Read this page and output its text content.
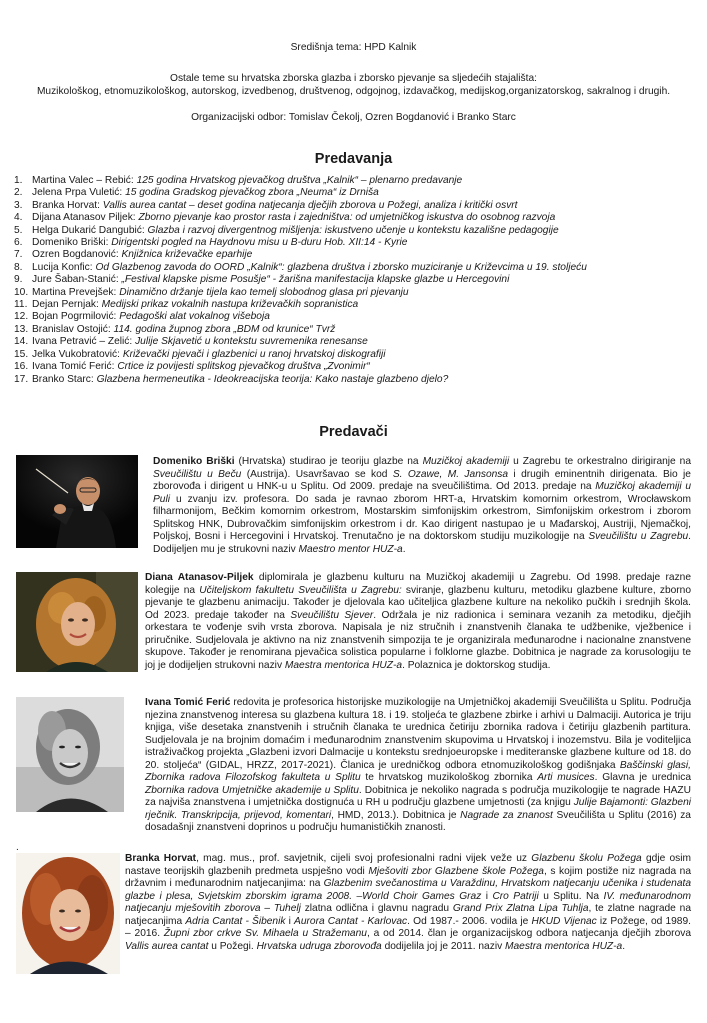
Središnja tema: HPD Kalnik
Ostale teme su hrvatska zborska glazba i zborsko pjevanje sa sljedećih stajališta:
Muzikološkog, etnomuzikološkog, autorskog, izvedbenog, društvenog, odgojnog, izdavačkog, medijskog,organizatorskog, sakralnog i drugih.
Organizacijski odbor: Tomislav Čekolj, Ozren Bogdanović i Branko Starc
Predavanja
1. Martina Valec – Rebić: 125 godina Hrvatskog pjevačkog društva „Kalnik“ – plenarno predavanje
2. Jelena Prpa Vuletić: 15 godina Gradskog pjevačkog zbora „Neuma“ iz Drniša
3. Branka Horvat: Vallis aurea cantat – deset godina natjecanja dječjih zborova u Požegi, analiza i kritički osvrt
4. Dijana Atanasov Piljek: Zborno pjevanje kao prostor rasta i zajedništva: od umjetničkog iskustva do osobnog razvoja
5. Helga Dukarić Dangubić: Glazba i razvoj divergentnog mišljenja: iskustveno učenje u kontekstu kazališne pedagogije
6. Domeniko Briški: Dirigentski pogled na Haydnovu misu u B-duru Hob. XII:14 - Kyrie
7. Ozren Bogdanović: Knjižnica križevačke eparhije
8. Lucija Konfic: Od Glazbenog zavoda do OORD „Kalnik“: glazbena društva i zborsko muziciranje u Križevcima u 19. stoljeću
9. Jure Šaban-Stanić: „Festival klapske pisme Posušje“ - žarišna manifestacija klapske glazbe u Hercegovini
10. Martina Prevejšek: Dinamično držanje tijela kao temelj slobodnog glasa pri pjevanju
11. Dejan Pernjak: Medijski prikaz vokalnih nastupa križevačkih sopranistica
12. Bojan Pogrmilović: Pedagoški alat vokalnog višeboja
13. Branislav Ostojić: 114. godina župnog zbora „BDM od krunice“ Tvrž
14. Ivana Petravić – Zelić: Julije Skjavetić u kontekstu suvremenika renesanse
15. Jelka Vukobratović: Križevački pjevači i glazbenici u ranoj hrvatskoj diskografiji
16. Ivana Tomić Ferić: Crtice iz povijesti splitskog pjevačkog društva „Zvonimir“
17. Branko Starc: Glazbena hermeneutika - Ideokreacijska teorija: Kako nastaje glazbeno djelo?
Predavači

Domeniko Briški (Hrvatska) studirao je teoriju glazbe na Muzičkoj akademiji u Zagrebu te orkestralno dirigiranje na Sveučilištu u Beču (Austrija). Usavršavao se kod S. Ozawe, M. Jansonsa i drugih eminentnih dirigenata. Bio je zborovođa i dirigent u HNK-u u Splitu. Od 2009. predaje na sveučilištima. Od 2013. predaje na Muzičkoj akademiji u Puli u zvanju izv. profesora. Do sada je ravnao zborom HRT-a, Hrvatskim komornim orkestrom, Wrocławskom filharmonijom, Bečkim komornim orkestrom, Mostarskim simfonijskim orkestrom, Simfonijskim orkestrom i zborom Splitskog HNK, Dubrovačkim simfonijskim orkestrom i dr. Kao dirigent nastupao je u Mađarskoj, Austriji, Njemačkoj, Poljskoj, Bosni i Hercegovini i Hrvatskoj. Trenutačno je na doktorskom studiju muzikologije na Sveučilištu u Zagrebu. Dodijeljen mu je strukovni naziv Maestro mentor HUZ-a.

Diana Atanasov-Piljek diplomirala je glazbenu kulturu na Muzičkoj akademiji u Zagrebu. Od 1998. predaje razne kolegije na Učiteljskom fakultetu Sveučilišta u Zagrebu: sviranje, glazbenu kulturu, metodiku glazbene kulture, zborno pjevanje te glazbenu animaciju. Također je djelovala kao učiteljica glazbene kulture na nekoliko pučkih i srednjih škola. Od 2023. predaje također na Sveučilištu Sjever. Održala je niz radionica i seminara vezanih za metodiku, dječjih orkestara te vođenje svih vrsta zborova. Napisala je niz stručnih i znanstvenih članaka te udžbenike, vježbenice i priručnike. Sudjelovala je aktivno na niz znanstvenih simpozija te je organizirala međunarodne i nacionalne znanstvene skupove. Također je renomirana pjevačica solistica popularne i folklorne glazbe. Dobitnica je nagrade za korusologiju te joj je dodijeljen strukovni naziv Maestra mentorica HUZ-a. Polaznica je doktorskog studija.

Ivana Tomić Ferić redovita je profesorica historijske muzikologije na Umjetničkoj akademiji Sveučilišta u Splitu. Područja njezina znanstvenog interesa su glazbena kultura 18. i 19. stoljeća te glazbene zbirke i arhivi u Dalmaciji. Autorica je triju knjiga, više desetaka znanstvenih i stručnih članaka te urednica četiriju zbornika radova i četiriju glazbenih partitura. Sudjelovala je na brojnim domaćim i međunarodnim znanstvenim skupovima u Hrvatskoj i inozemstvu. Bila je voditeljica istraživačkog projekta „Glazbeni izvori Dalmacije u kontekstu srednjoeuropske i mediteranske glazbene kulture od 18. do 20. stoljeća“ (GIDAL, HRZZ, 2017-2021). Članica je uredničkog odbora etnomuzikološkog godišnjaka Baščinski glasi, Zbornika radova Filozofskog fakulteta u Splitu te hrvatskog muzikološkog zbornika Arti musices. Glavna je urednica Zbornika radova Umjetničke akademije u Splitu. Dobitnica je nekoliko nagrada s područja muzikologije te nagrade HAZU za najviša znanstvena i umjetnička dostignuća u RH u području glazbene umjetnosti (za knjigu Julije Bajamonti: Glazbeni rječnik. Transkripcija, prijevod, komentari, HMD, 2013.). Dobitnica je Nagrade za znanost Sveučilišta u Splitu (2016) za dosadašnji znanstveni doprinos u području humanističkih znanosti.

Branka Horvat, mag. mus., prof. savjetnik, cijeli svoj profesionalni radni vijek veže uz Glazbenu školu Požega gdje osim nastave teorijskih glazbenih predmeta uspješno vodi Mješoviti zbor Glazbene škole Požega, s kojim postiže niz nagrada na državnim i međunarodnim natjecanjima: na Glazbenim svečanostima u Varaždinu, Hrvatskom natjecanju učenika i studenata glazbe i plesa, Svjetskim zborskim igrama 2008. –World Choir Games Graz i Cro Patriji u Splitu. Na IV. međunarodnom natjecanju mješovitih zborova – Tuhelj zlatna odlična i glavnu nagradu Grand Prix Zlatna Lipa Tuhlja, te zlatne nagrade na natjecanjima Adria Cantat - Šibenik i Aurora Cantat - Karlovac. Od 1987.- 2006. vodila je HKUD Vijenac iz Požege, od 1989. – 2016. Župni zbor crkve Sv. Mihaela u Stražemanu, a od 2014. član je organizacijskog odbora natjecanja dječjih zborova Vallis aurea cantat u Požegi. Hrvatska udruga zborovođa dodijelila joj je 2011. naziv Maestra mentorica HUZ-a.

.
